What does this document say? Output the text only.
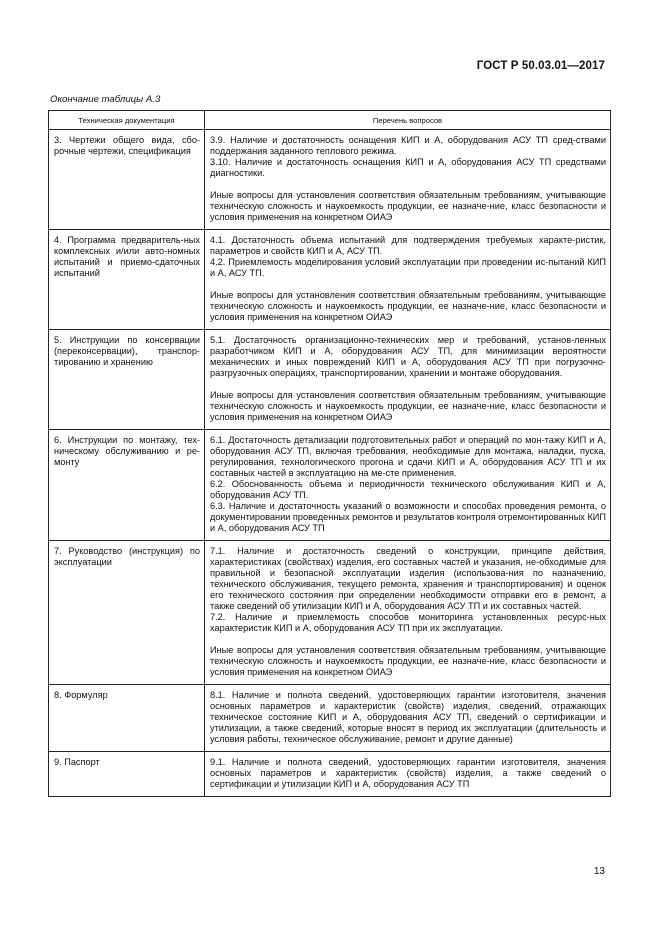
ГОСТ Р 50.03.01—2017
Окончание таблицы А.3
Техническая документация	Перечень вопросов
3. Чертежи общего вида, сбо-рочные чертежи, спецификация	3.9. Наличие и достаточность оснащения КИП и А, оборудования АСУ ТП сред-ствами поддержания заданного теплового режима.
3.10. Наличие и достаточность оснащения КИП и А, оборудования АСУ ТП средствами диагностики.
Иные вопросы для установления соответствия обязательным требованиям, учитывающие техническую сложность и наукоемкость продукции, ее назначе-ние, класс безопасности и условия применения на конкретном ОИАЭ

4. Программа предваритель-ных комплексных и/или авто-номных испытаний и приемо-сдаточных испытаний	4.1. Достаточность объема испытаний для подтверждения требуемых характе-ристик, параметров и свойств КИП и А, АСУ ТП.
4.2. Приемлемость моделирования условий эксплуатации при проведении ис-пытаний КИП и А, АСУ ТП.
Иные вопросы для установления соответствия обязательным требованиям, учитывающие техническую сложность и наукоемкость продукции, ее назначе-ние, класс безопасности и условия применения на конкретном ОИАЭ

5. Инструкции по консервации (переконсервации), транспор-тированию и хранению	5.1. Достаточность организационно-технических мер и требований, установ-ленных разработчиком КИП и А, оборудования АСУ ТП, для минимизации вероятности механических и иных повреждений КИП и А, оборудования АСУ ТП при погрузочно-разгрузочных операциях, транспортировании, хранении и монтаже оборудования.
Иные вопросы для установления соответствия обязательным требованиям, учитывающие техническую сложность и наукоемкость продукции, ее назначе-ние, класс безопасности и условия применения на конкретном ОИАЭ

6. Инструкции по монтажу, тех-ническому обслуживанию и ре-монту	6.1. Достаточность детализации подготовительных работ и операций по мон-тажу КИП и А, оборудования АСУ ТП, включая требования, необходимые для монтажа, наладки, пуска, регулирования, технологического прогона и сдачи КИП и А, оборудования АСУ ТП и их составных частей в эксплуатацию на ме-сте применения.
6.2. Обоснованность объема и периодичности технического обслуживания КИП и А, оборудования АСУ ТП.
6.3. Наличие и достаточность указаний о возможности и способах проведения ремонта, о документировании проведенных ремонтов и результатов контроля отремонтированных КИП и А, оборудования АСУ ТП

7. Руководство (инструкция) по эксплуатации	7.1. Наличие и достаточность сведений о конструкции, принципе действия, характеристиках (свойствах) изделия, его составных частей и указания, не-обходимые для правильной и безопасной эксплуатации изделия (использова-ния по назначению, технического обслуживания, текущего ремонта, хранения и транспортирования) и оценок его технического состояния при определении необходимости отправки его в ремонт, а также сведений об утилизации КИП и А, оборудования АСУ ТП и их составных частей.
7.2. Наличие и приемлемость способов мониторинга установленных ресурс-ных характеристик КИП и А, оборудования АСУ ТП при их эксплуатации.
Иные вопросы для установления соответствия обязательным требованиям, учитывающие техническую сложность и наукоемкость продукции, ее назначе-ние, класс безопасности и условия применения на конкретном ОИАЭ

8. Формуляр	8.1. Наличие и полнота сведений, удостоверяющих гарантии изготовителя, значения основных параметров и характеристик (свойств) изделия, сведений, отражающих техническое состояние КИП и А, оборудования АСУ ТП, сведений о сертификации и утилизации, а также сведений, которые вносят в период их эксплуатации (длительность и условия работы, техническое обслуживание, ремонт и другие данные)

9. Паспорт	9.1. Наличие и полнота сведений, удостоверяющих гарантии изготовителя, значения основных параметров и характеристик (свойств) изделия, а также сведений о сертификации и утилизации КИП и А, оборудования АСУ ТП
13
